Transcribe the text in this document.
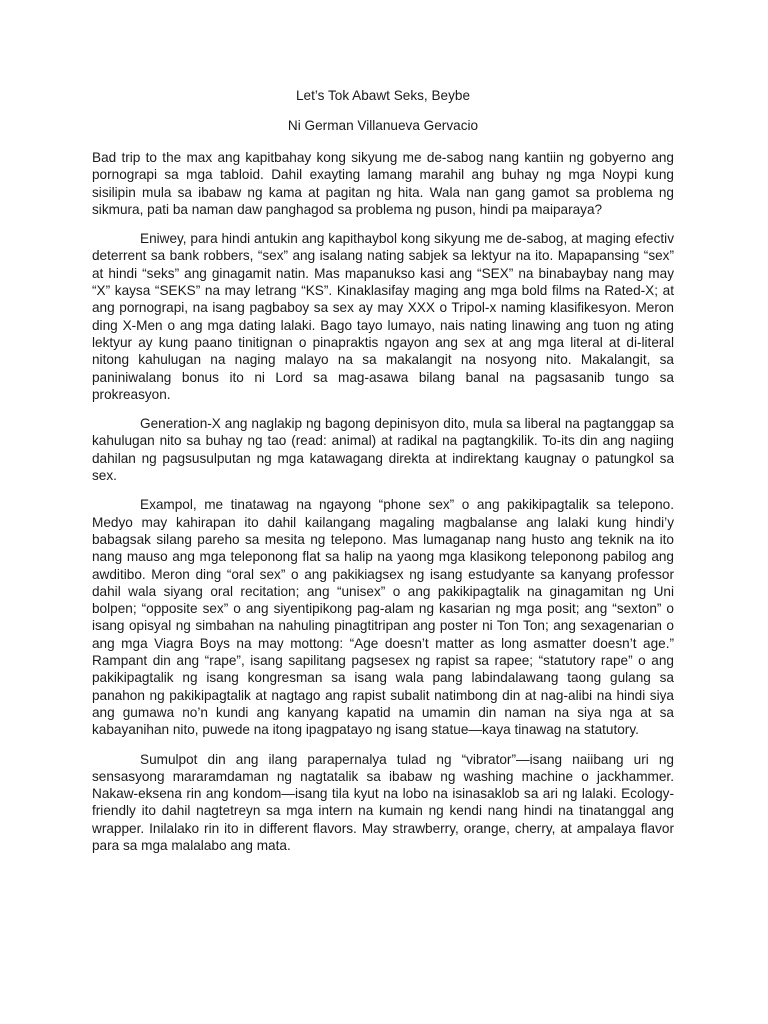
Let’s Tok Abawt Seks, Beybe

Ni German Villanueva Gervacio

Bad trip to the max ang kapitbahay kong sikyung me de-sabog nang kantiin ng gobyerno ang pornograpi sa mga tabloid. Dahil exayting lamang marahil ang buhay ng mga Noypi kung sisilipin mula sa ibabaw ng kama at pagitan ng hita. Wala nan gang gamot sa problema ng sikmura, pati ba naman daw panghagod sa problema ng puson, hindi pa maiparaya?

Eniwey, para hindi antukin ang kapithaybol kong sikyung me de-sabog, at maging efectiv deterrent sa bank robbers, “sex” ang isalang nating sabjek sa lektyur na ito. Mapapansing “sex” at hindi “seks” ang ginagamit natin. Mas mapanukso kasi ang “SEX” na binabaybay nang may “X” kaysa “SEKS” na may letrang “KS”. Kinaklasifay maging ang mga bold films na Rated-X; at ang pornograpi, na isang pagbaboy sa sex ay may XXX o Tripol-x naming klasifikesyon. Meron ding X-Men o ang mga dating lalaki. Bago tayo lumayo, nais nating linawing ang tuon ng ating lektyur ay kung paano tinitignan o pinapraktis ngayon ang sex at ang mga literal at di-literal nitong kahulugan na naging malayo na sa makalangit na nosyong nito. Makalangit, sa paniniwalang bonus ito ni Lord sa mag-asawa bilang banal na pagsasanib tungo sa prokreasyon.

Generation-X ang naglakip ng bagong depinisyon dito, mula sa liberal na pagtanggap sa kahulugan nito sa buhay ng tao (read: animal) at radikal na pagtangkilik. To-its din ang nagiing dahilan ng pagsusulputan ng mga katawagang direkta at indirektang kaugnay o patungkol sa sex.

Exampol, me tinatawag na ngayong “phone sex” o ang pakikipagtalik sa telepono. Medyo may kahirapan ito dahil kailangang magaling magbalanse ang lalaki kung hindi’y babagsak silang pareho sa mesita ng telepono. Mas lumaganap nang husto ang teknik na ito nang mauso ang mga teleponong flat sa halip na yaong mga klasikong teleponong pabilog ang awditibo. Meron ding “oral sex” o ang pakikiagsex ng isang estudyante sa kanyang professor dahil wala siyang oral recitation; ang “unisex” o ang pakikipagtalik na ginagamitan ng Uni bolpen; “opposite sex” o ang siyentipikong pag-alam ng kasarian ng mga posit; ang “sexton” o isang opisyal ng simbahan na nahuling pinagtitripan ang poster ni Ton Ton; ang sexagenarian o ang mga Viagra Boys na may mottong: “Age doesn’t matter as long asmatter doesn’t age.” Rampant din ang “rape”, isang sapilitang pagsesex ng rapist sa rapee; “statutory rape” o ang pakikipagtalik ng isang kongresman sa isang wala pang labindalawang taong gulang sa panahon ng pakikipagtalik at nagtago ang rapist subalit natimbong din at nag-alibi na hindi siya ang gumawa no’n kundi ang kanyang kapatid na umamin din naman na siya nga at sa kabayanihan nito, puwede na itong ipagpatayo ng isang statue—kaya tinawag na statutory.

Sumulpot din ang ilang parapernalya tulad ng “vibrator”—isang naiibang uri ng sensasyong mararamdaman ng nagtatalik sa ibabaw ng washing machine o jackhammer. Nakaw-eksena rin ang kondom—isang tila kyut na lobo na isinasaklob sa ari ng lalaki. Ecology-friendly ito dahil nagtetreyn sa mga intern na kumain ng kendi nang hindi na tinatanggal ang wrapper. Inilalako rin ito in different flavors. May strawberry, orange, cherry, at ampalaya flavor para sa mga malalabo ang mata.
